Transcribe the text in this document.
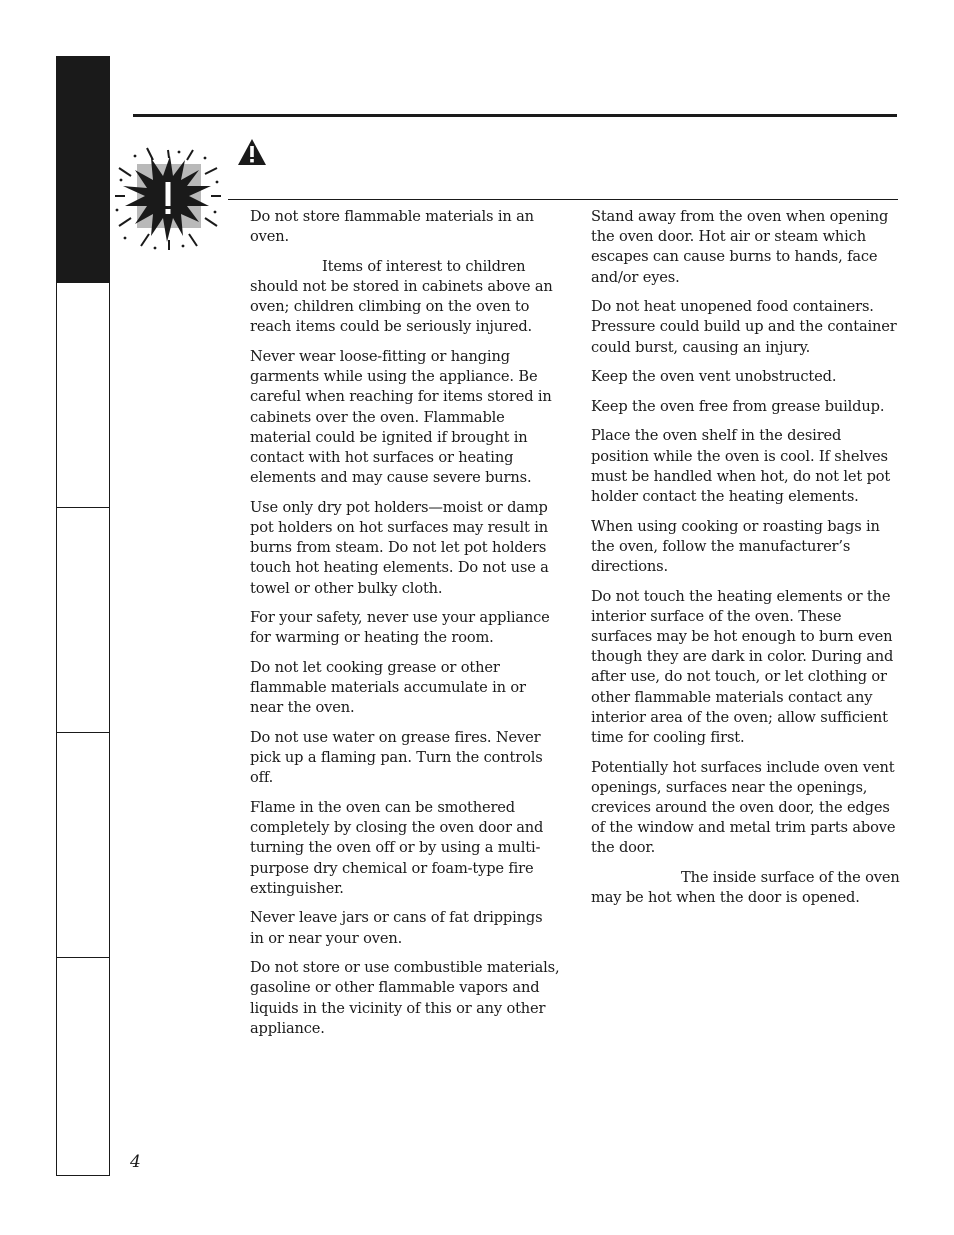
Do not store flammable materials in an oven.

Items of interest to children should not be stored in cabinets above an oven; children climbing on the oven to reach items could be seriously injured.

Never wear loose-fitting or hanging garments while using the appliance. Be careful when reaching for items stored in cabinets over the oven. Flammable material could be ignited if brought in contact with hot surfaces or heating elements and may cause severe burns.

Use only dry pot holders—moist or damp pot holders on hot surfaces may result in burns from steam. Do not let pot holders touch hot heating elements. Do not use a towel or other bulky cloth.

For your safety, never use your appliance for warming or heating the room.

Do not let cooking grease or other flammable materials accumulate in or near the oven.

Do not use water on grease fires. Never pick up a flaming pan. Turn the controls off.

Flame in the oven can be smothered completely by closing the oven door and turning the oven off or by using a multi-purpose dry chemical or foam-type fire extinguisher.

Never leave jars or cans of fat drippings in or near your oven.

Do not store or use combustible materials, gasoline or other flammable vapors and liquids in the vicinity of this or any other appliance.

Stand away from the oven when opening the oven door. Hot air or steam which escapes can cause burns to hands, face and/or eyes.

Do not heat unopened food containers. Pressure could build up and the container could burst, causing an injury.

Keep the oven vent unobstructed.

Keep the oven free from grease buildup.

Place the oven shelf in the desired position while the oven is cool. If shelves must be handled when hot, do not let pot holder contact the heating elements.

When using cooking or roasting bags in the oven, follow the manufacturer’s directions.

Do not touch the heating elements or the interior surface of the oven. These surfaces may be hot enough to burn even though they are dark in color. During and after use, do not touch, or let clothing or other flammable materials contact any interior area of the oven; allow sufficient time for cooling first.

Potentially hot surfaces include oven vent openings, surfaces near the openings, crevices around the oven door, the edges of the window and metal trim parts above the door.

The inside surface of the oven may be hot when the door is opened.

4
